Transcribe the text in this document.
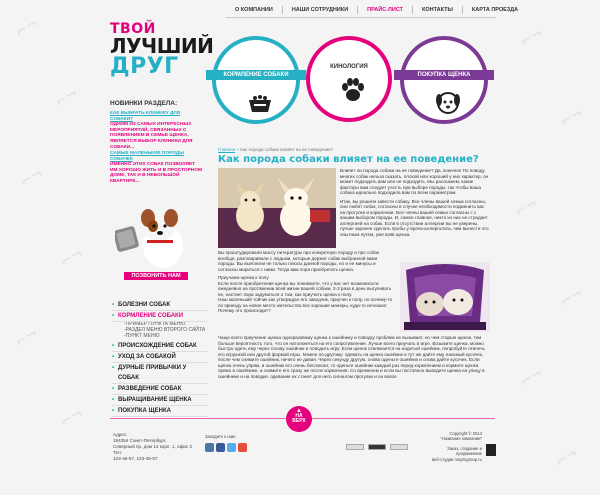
⌐¬
⌐¬
⌐¬
⌐¬
⌐¬
⌐¬
⌐¬
⌐¬
⌐¬
⌐¬
⌐¬
⌐¬
О КОМПАНИИ	НАШИ СОТРУДНИКИ	ПРАЙС-ЛИСТ	КОНТАКТЫ	КАРТА ПРОЕЗДА
ТВОЙ
ЛУЧШИЙ
ДРУГ	КОРМЛЕНИЕ СОБАКИ
КИНОЛОГИЯ
ПОКУПКА ЩЕНКА
НОВИНКИ РАЗДЕЛА:
КАК ВЫБРАТЬ КЛИНИКУ ДЛЯ СОБАКИ?
ОДНИМ ИЗ САМЫХ ИНТЕРЕСНЫХ МЕРОПРИЯТИЙ, СВЯЗАННЫХ С ПОЯВЛЕНИЕМ В СЕМЬЕ ЩЕНКА, ЯВЛЯЕТСЯ ВЫБОР КЛИНИКИ ДЛЯ СОБАКИ...
САМЫЕ МАЛЕНЬКИЕ ПОРОДЫ СОБАЧЕК
ИМЕННО ЭТИХ СОБАК ПОЗВОЛЯЕТ ИМ ХОРОШО ЖИТЬ И В ПРОСТОРНОМ ДОМЕ, ТАК И В НЕБОЛЬШОЙ КВАРТИРЕ...
ПОЗВОНИТЬ НАМ
• БОЛЕЗНИ СОБАК
• КОРМЛЕНИЕ СОБАКИ
-ПРИМЕР ПУНКТА МЕНЮ
-РАЗДЕЛ МЕНЮ ВТОРОГО САЙТА
-ПУНКТ МЕНЮ
• ПРОИСХОЖДЕНИЕ СОБАК
• УХОД ЗА СОБАКОЙ
• ДУРНЫЕ ПРИВЫЧКИ У СОБАК
• РАЗВЕДЕНИЕ СОБАК
• ВЫРАЩИВАНИЕ ЩЕНКА
• ПОКУПКА ЩЕНКА
Главная » Как порода собаки влияет на ее поведение?
Как порода собаки влияет на ее поведение?

Влияет ли порода собаки на ее поведение? Да, конечно! По поводу многих собак нельзя сказать, плохой или хороший у них характер, он может подходить вам или не подходить. Мы расскажем, какие факторы вам следует учесть при выборе породы, так чтобы ваша собака идеально подходила вам по всем параметрам.

Итак, вы решили завести собаку. Все члены вашей семьи согласны, они любят собак, согласны в случае необходимости подменить вас на прогулке и кормлении. Все члены вашей семьи согласны с с вашим выбором породы. И, самое главное, никто из них не страдает аллергией на собак. Если в отсутствии аллергии вы не уверены, лучше заранее сделать пробы у врача-аллерголога, чем вынести это опытным путем, уже взяв щенка.

Вы проштудировали массу литературы про конкретную породу и про собак вообще, разговаривали с людьми, которые держат собак выбранной вами породы. Вы выяснили не только плюсы данной породы, но и ее минусы и согласны мириться с ними. Тогда вам пора приобретать щенка.

Приучаем щенка к полу
Если после приобретения щенка вы понимаете, что у вас нет возможности ежедневно на протяжении всей жизни вашей собаки, 2-3 раза в день выгуливать ее, настает пора задуматься о том, как приучить щенка к полу.
Наш маленький тойчик как утверждал его заводчик, приучен к полу, но почему-то по приезду на новое место жительство все хорошие манеры, куда-то исчезают. Почему это происходит?

Чаще всего приучение щенка одноразовому щенка к ошейнику и поводку проблем не вызывает, но чем старше щенок, тем больше вероятность того, что он натолкнеться на его сопротивление. Лучше всего приучать в игре. Возьмите щенка, можно быстро одеть ему через голову ошейник и поводить игру. Если щенок отвлекается на надетый ошейник, попробуйте отвлечь его игрушкой или другой формой игры. Можно по-другому: одевать на щенка ошейник и тут же дайте ему лакомый кусочек, после чем снимите ошейник, ничего не давая. Через секунду другую, снова оденьте ошейник и снова дайте кусочек. Если щенок очень упрям, и ошейник его очень беспокоит, то оденьте ошейник каждый раз перед кормлением и кормите щенка прямо в ошейнике, а снимите его сразу же после кормления. Со временем и если вы постоянно выводите щенка на улицу в ошейнике и на поводке, одевание их станет для него сигналом прогулки и он вовсе

▲
НА
ВЕРХ
Адрес:
194354 Санкт-Петербург,
Северный пр. дом 14 корп. 1, офис 2
Тел:
123-45-67, 123-45-67
Заходите к нам:
Copyright © 2014
"Название компании"
Заказ, создание и продвижение
веб-студии nmprogroup.ru
